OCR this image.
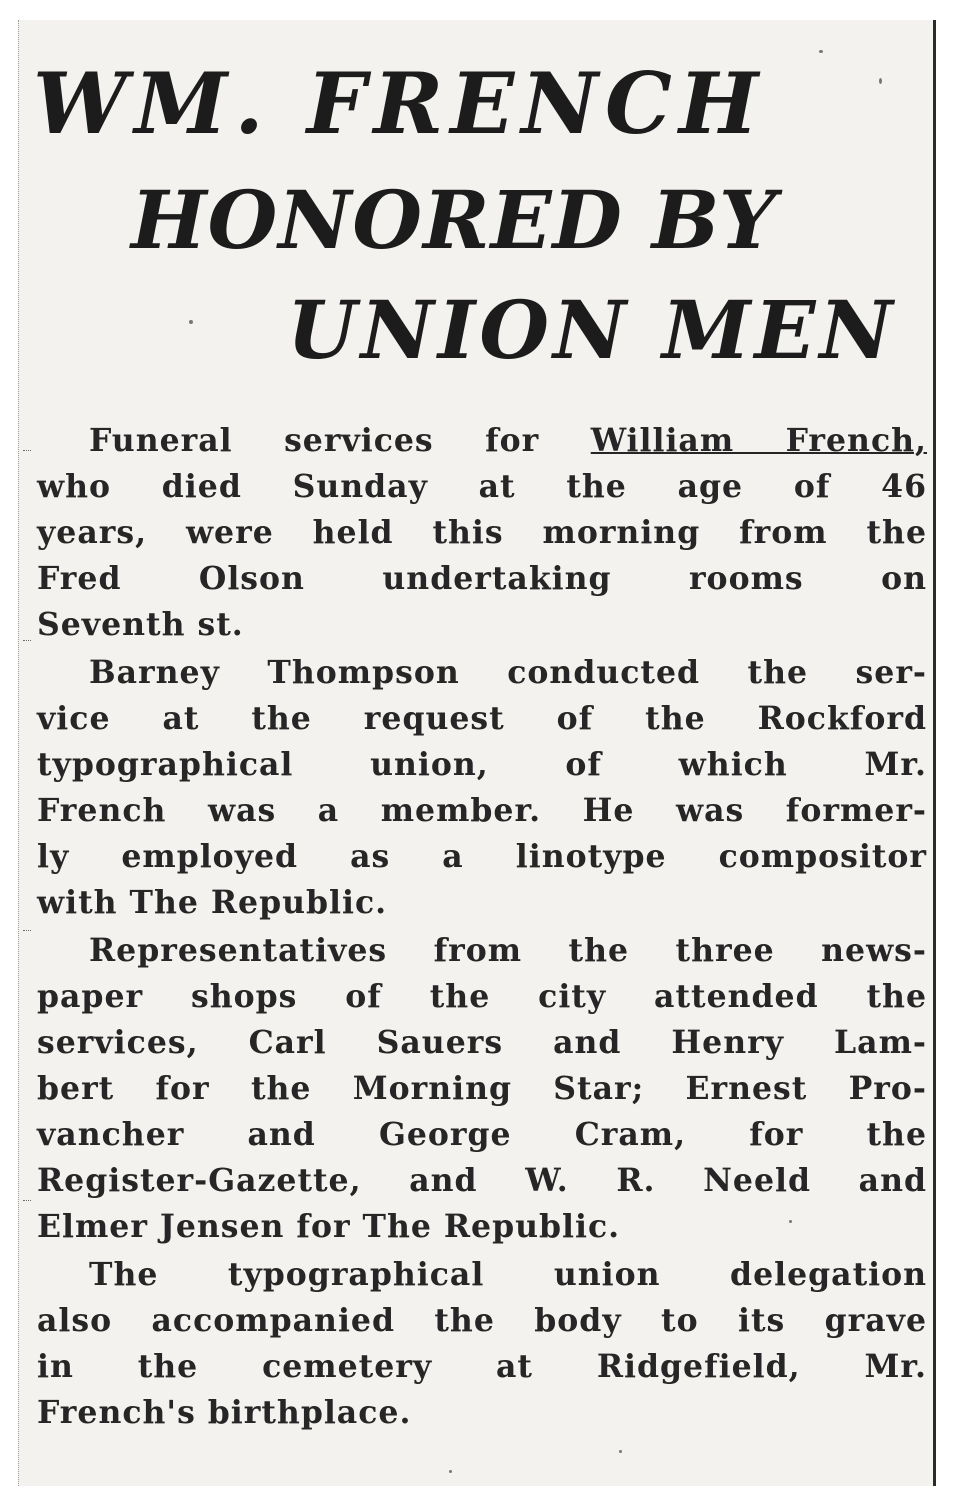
WM. FRENCH
HONORED BY
UNION MEN

Funeral services for William French,
who died Sunday at the age of 46
years, were held this morning from the
Fred Olson undertaking rooms on
Seventh st.

Barney Thompson conducted the ser-
vice at the request of the Rockford
typographical union, of which Mr.
French was a member. He was former-
ly employed as a linotype compositor
with The Republic.

Representatives from the three news-
paper shops of the city attended the
services, Carl Sauers and Henry Lam-
bert for the Morning Star; Ernest Pro-
vancher and George Cram, for the
Register-Gazette, and W. R. Neeld and
Elmer Jensen for The Republic.

The typographical union delegation
also accompanied the body to its grave
in the cemetery at Ridgefield, Mr.
French's birthplace.
